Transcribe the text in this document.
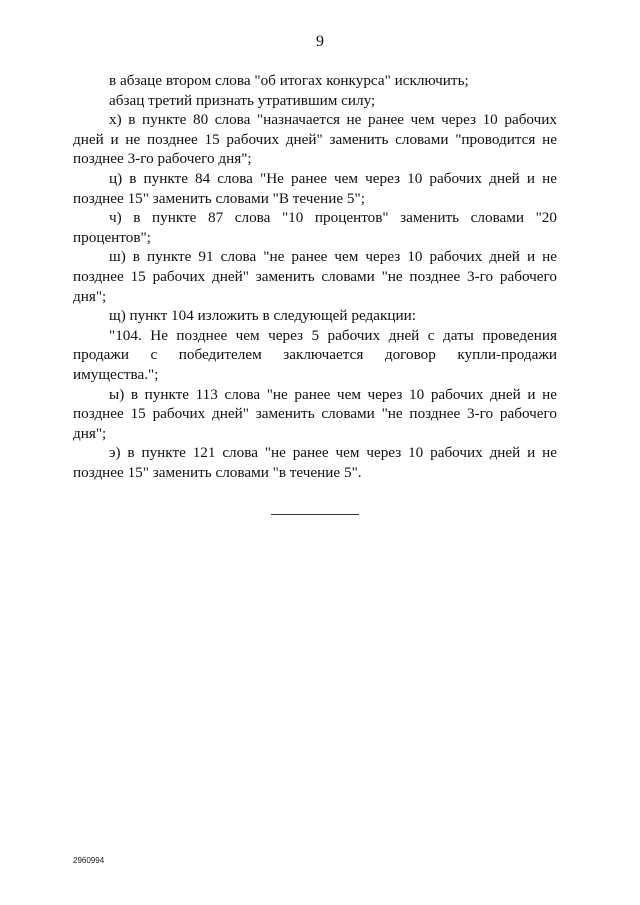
9

в абзаце втором слова "об итогах конкурса" исключить;

абзац третий признать утратившим силу;

х) в пункте 80 слова "назначается не ранее чем через 10 рабочих дней и не позднее 15 рабочих дней" заменить словами "проводится не позднее 3-го рабочего дня";

ц) в пункте 84 слова "Не ранее чем через 10 рабочих дней и не позднее 15" заменить словами "В течение 5";

ч) в пункте 87 слова "10 процентов" заменить словами "20 процентов";

ш) в пункте 91 слова "не ранее чем через 10 рабочих дней и не позднее 15 рабочих дней" заменить словами "не позднее 3-го рабочего дня";

щ) пункт 104 изложить в следующей редакции:

"104. Не позднее чем через 5 рабочих дней с даты проведения продажи с победителем заключается договор купли-продажи имущества.";

ы) в пункте 113 слова "не ранее чем через 10 рабочих дней и не позднее 15 рабочих дней" заменить словами "не позднее 3-го рабочего дня";

э) в пункте 121 слова "не ранее чем через 10 рабочих дней и не позднее 15" заменить словами "в течение 5".

2960994
